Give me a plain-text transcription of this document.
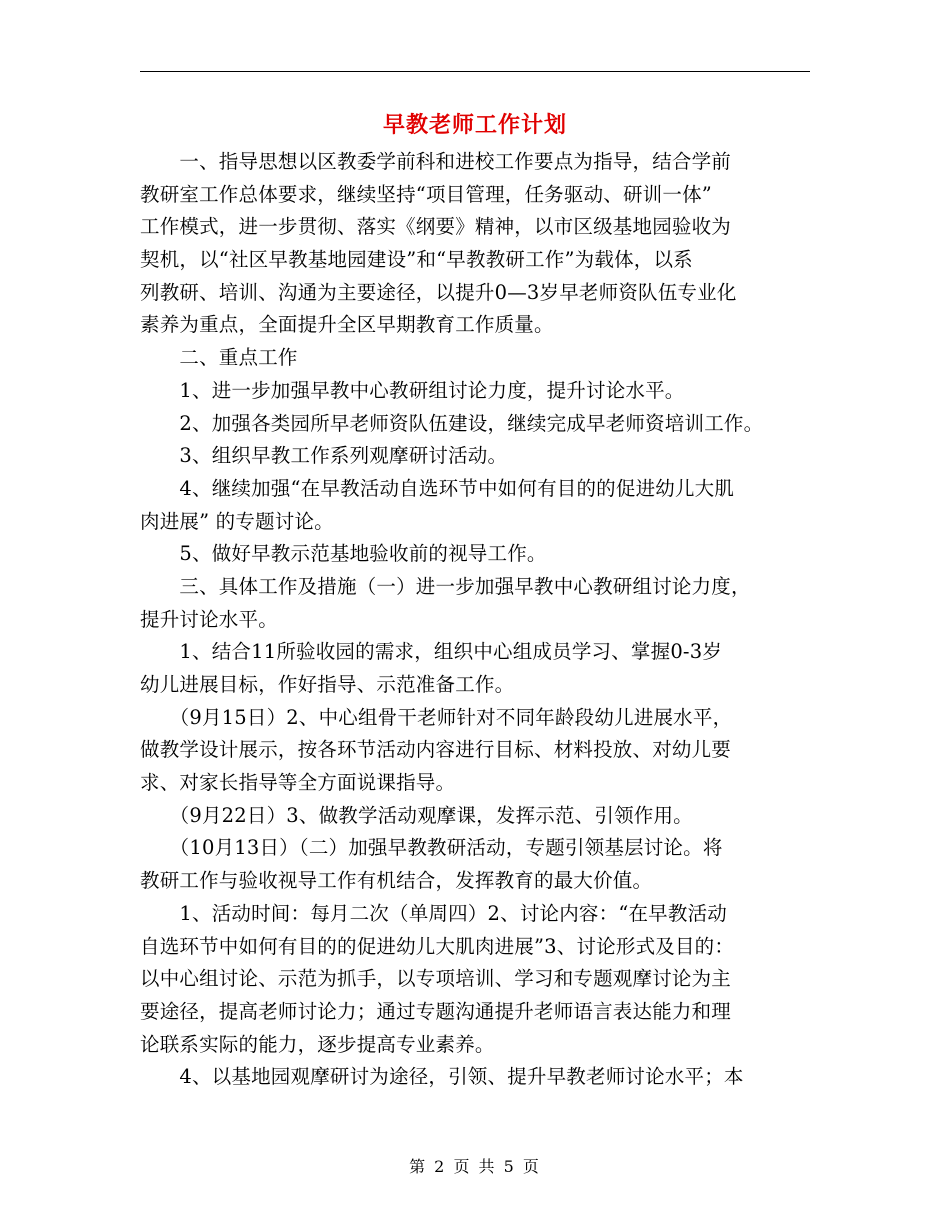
早教老师工作计划
　　一、指导思想以区教委学前科和进校工作要点为指导，结合学前
教研室工作总体要求，继续坚持“项目管理，任务驱动、研训一体”
工作模式，进一步贯彻、落实《纲要》精神，以市区级基地园验收为
契机，以“社区早教基地园建设”和“早教教研工作”为载体，以系
列教研、培训、沟通为主要途径，以提升0—3岁早老师资队伍专业化
素养为重点，全面提升全区早期教育工作质量。
　　二、重点工作
　　1、进一步加强早教中心教研组讨论力度，提升讨论水平。
　　2、加强各类园所早老师资队伍建设，继续完成早老师资培训工作。
　　3、组织早教工作系列观摩研讨活动。
　　4、继续加强“在早教活动自选环节中如何有目的的促进幼儿大肌
肉进展” 的专题讨论。
　　5、做好早教示范基地验收前的视导工作。
　　三、具体工作及措施（一）进一步加强早教中心教研组讨论力度，
提升讨论水平。
　　1、结合11所验收园的需求，组织中心组成员学习、掌握0-3岁
幼儿进展目标，作好指导、示范准备工作。
　　（9月15日）2、中心组骨干老师针对不同年龄段幼儿进展水平，
做教学设计展示，按各环节活动内容进行目标、材料投放、对幼儿要
求、对家长指导等全方面说课指导。
　　（9月22日）3、做教学活动观摩课，发挥示范、引领作用。
　　（10月13日）（二）加强早教教研活动，专题引领基层讨论。将
教研工作与验收视导工作有机结合，发挥教育的最大价值。
　　1、活动时间：每月二次（单周四）2、讨论内容：“在早教活动
自选环节中如何有目的的促进幼儿大肌肉进展”3、讨论形式及目的：
以中心组讨论、示范为抓手，以专项培训、学习和专题观摩讨论为主
要途径，提高老师讨论力；通过专题沟通提升老师语言表达能力和理
论联系实际的能力，逐步提高专业素养。
　　4、以基地园观摩研讨为途径，引领、提升早教老师讨论水平；本
第 2 页 共 5 页
